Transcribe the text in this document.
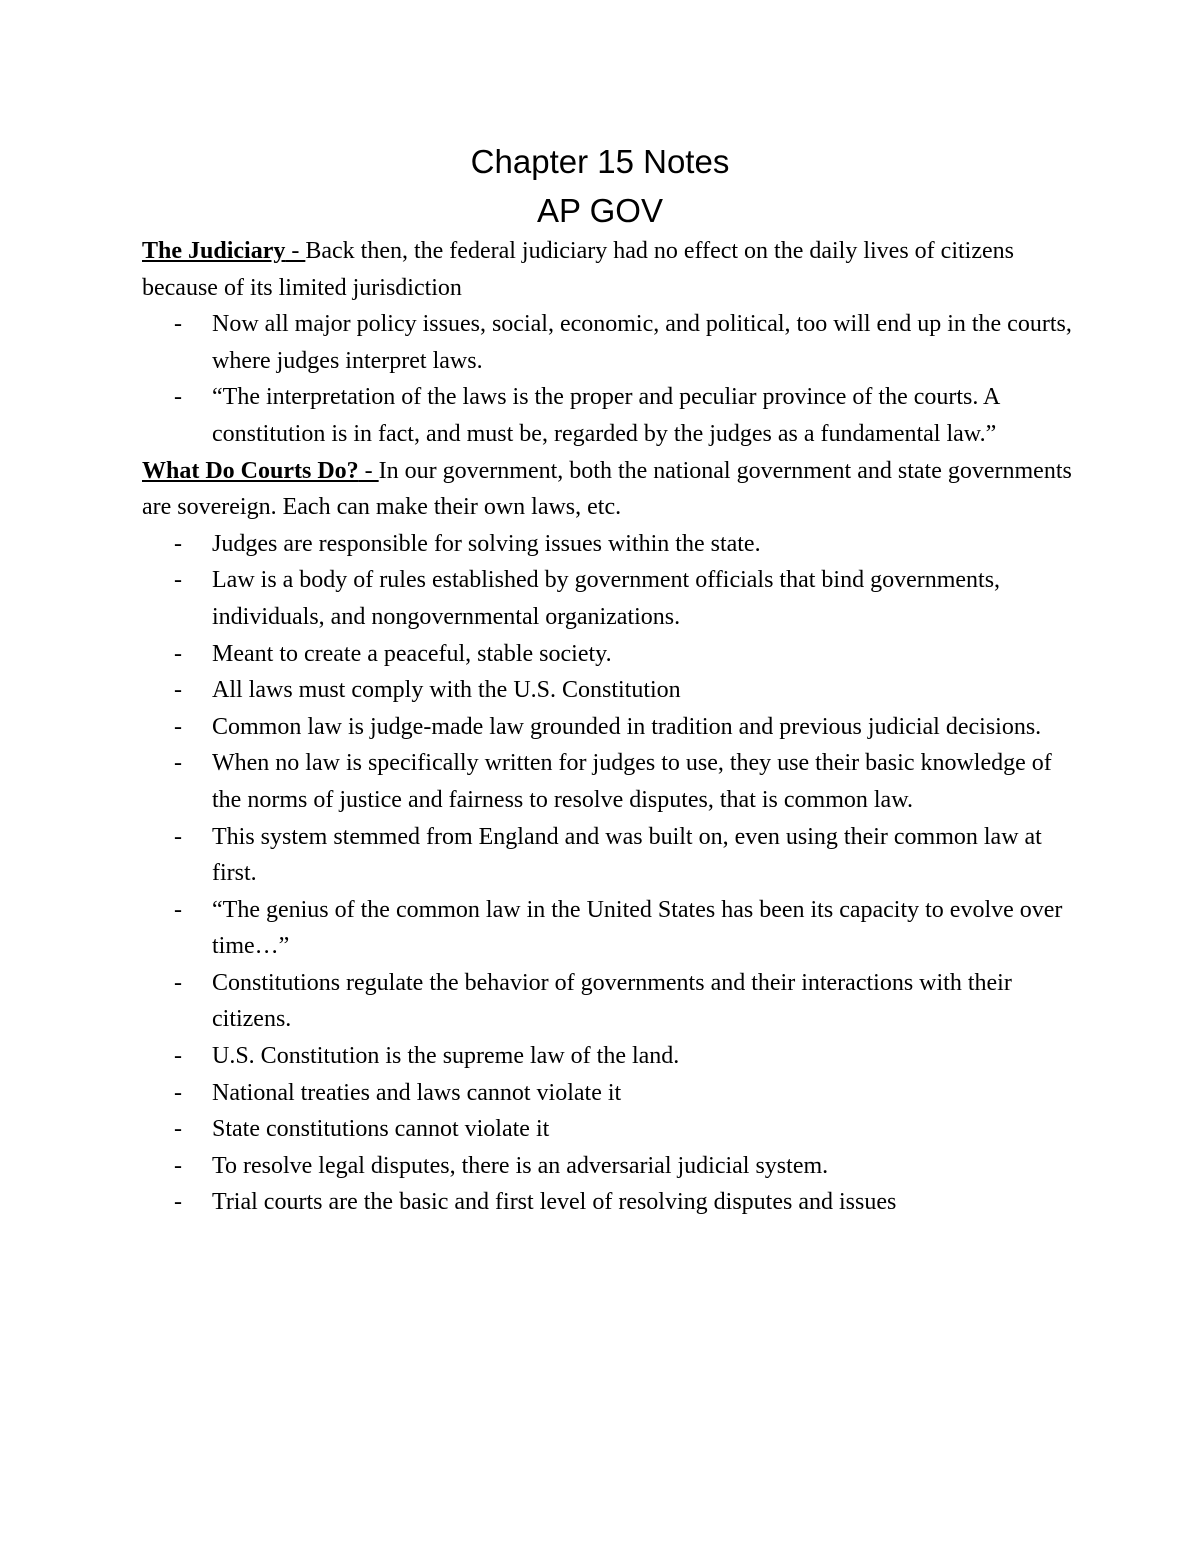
Chapter 15 Notes
AP GOV

The Judiciary - Back then, the federal judiciary had no effect on the daily lives of citizens because of its limited jurisdiction

- Now all major policy issues, social, economic, and political, too will end up in the courts, where judges interpret laws.
- “The interpretation of the laws is the proper and peculiar province of the courts. A constitution is in fact, and must be, regarded by the judges as a fundamental law.”

What Do Courts Do? - In our government, both the national government and state governments are sovereign. Each can make their own laws, etc.

- Judges are responsible for solving issues within the state.
- Law is a body of rules established by government officials that bind governments, individuals, and nongovernmental organizations.
- Meant to create a peaceful, stable society.
- All laws must comply with the U.S. Constitution
- Common law is judge-made law grounded in tradition and previous judicial decisions.
- When no law is specifically written for judges to use, they use their basic knowledge of the norms of justice and fairness to resolve disputes, that is common law.
- This system stemmed from England and was built on, even using their common law at first.
- “The genius of the common law in the United States has been its capacity to evolve over time…”
- Constitutions regulate the behavior of governments and their interactions with their citizens.
- U.S. Constitution is the supreme law of the land.
- National treaties and laws cannot violate it
- State constitutions cannot violate it
- To resolve legal disputes, there is an adversarial judicial system.
- Trial courts are the basic and first level of resolving disputes and issues
